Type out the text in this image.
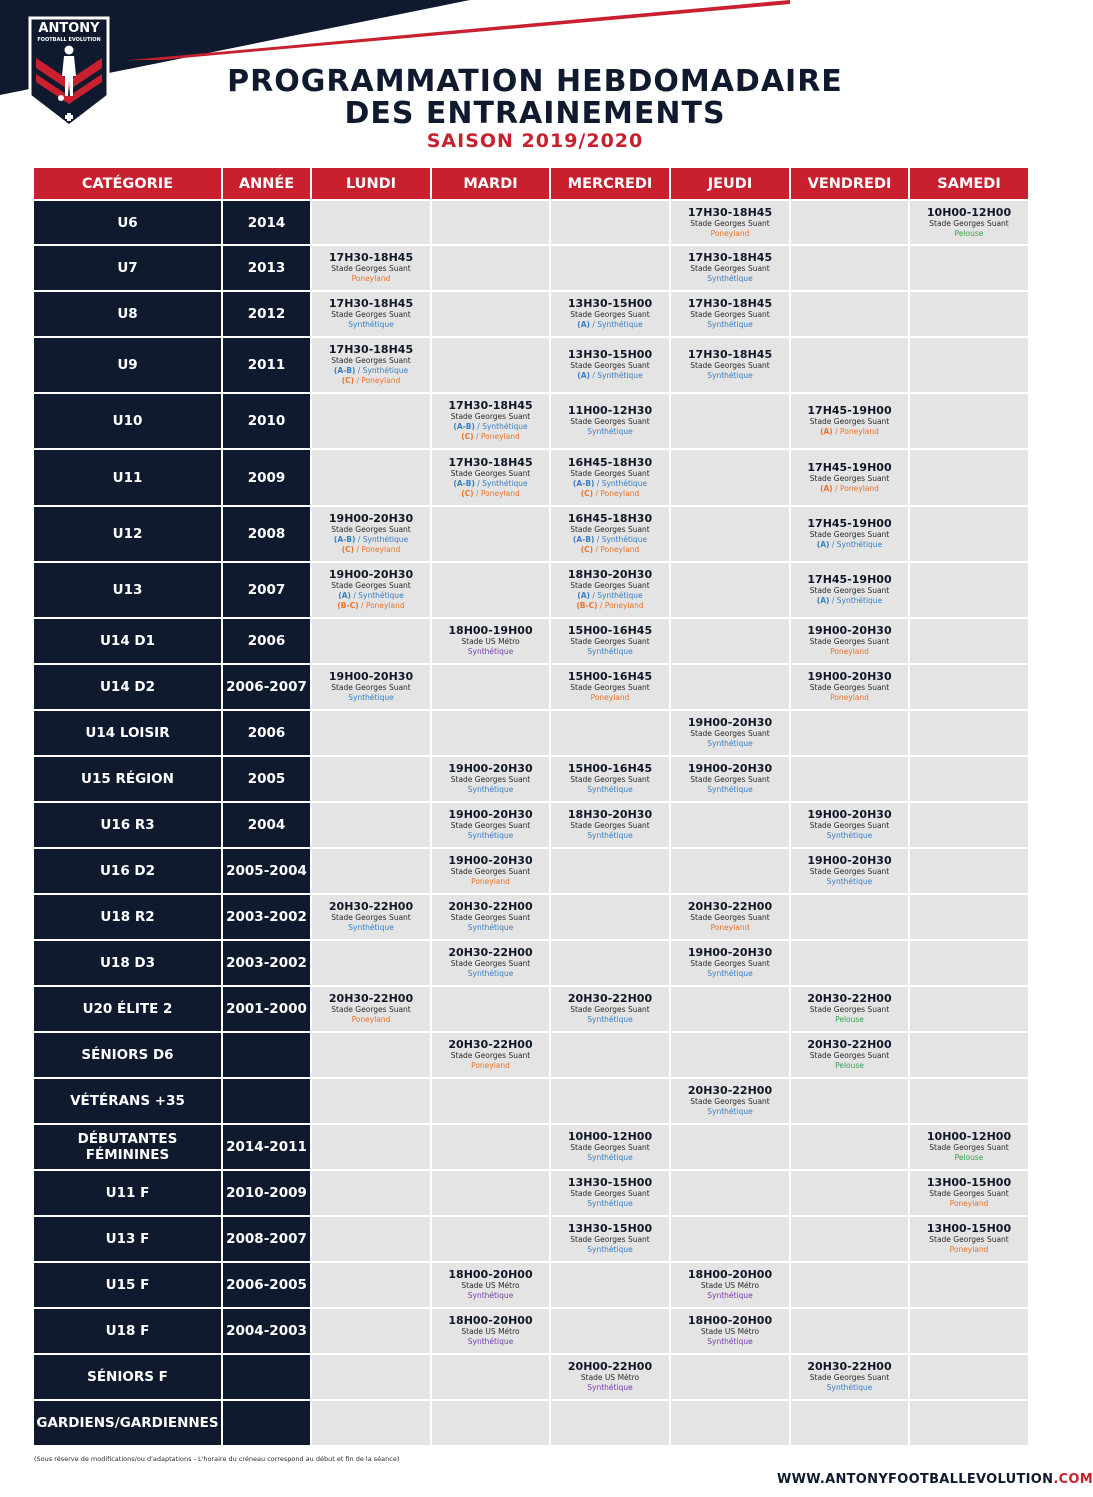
ANTONY
FOOTBALL EVOLUTION
PROGRAMMATION HEBDOMADAIRE
DES ENTRAINEMENTS
SAISON 2019/2020
CATÉGORIE	ANNÉE	LUNDI	MARDI	MERCREDI	JEUDI	VENDREDI	SAMEDI
U6	2014				17H30-18H45
Stade Georges Suant
Poneyland		10H00-12H00
Stade Georges Suant
Pelouse

U7	2013	17H30-18H45
Stade Georges Suant
Poneyland			17H30-18H45
Stade Georges Suant
Synthétique		

U8	2012	17H30-18H45
Stade Georges Suant
Synthétique		13H30-15H00
Stade Georges Suant
(A) / Synthétique	17H30-18H45
Stade Georges Suant
Synthétique		

U9	2011	17H30-18H45
Stade Georges Suant
(A-B) / Synthétique
(C) / Poneyland		13H30-15H00
Stade Georges Suant
(A) / Synthétique	17H30-18H45
Stade Georges Suant
Synthétique		

U10	2010		17H30-18H45
Stade Georges Suant
(A-B) / Synthétique
(C) / Poneyland	11H00-12H30
Stade Georges Suant
Synthétique		17H45-19H00
Stade Georges Suant
(A) / Poneyland	

U11	2009		17H30-18H45
Stade Georges Suant
(A-B) / Synthétique
(C) / Poneyland	16H45-18H30
Stade Georges Suant
(A-B) / Synthétique
(C) / Poneyland		17H45-19H00
Stade Georges Suant
(A) / Poneyland	

U12	2008	19H00-20H30
Stade Georges Suant
(A-B) / Synthétique
(C) / Poneyland		16H45-18H30
Stade Georges Suant
(A-B) / Synthétique
(C) / Poneyland		17H45-19H00
Stade Georges Suant
(A) / Synthétique	

U13	2007	19H00-20H30
Stade Georges Suant
(A) / Synthétique
(B-C) / Poneyland		18H30-20H30
Stade Georges Suant
(A) / Synthétique
(B-C) / Poneyland		17H45-19H00
Stade Georges Suant
(A) / Synthétique	

U14 D1	2006		18H00-19H00
Stade US Métro
Synthétique	15H00-16H45
Stade Georges Suant
Synthétique		19H00-20H30
Stade Georges Suant
Poneyland	

U14 D2	2006-2007	19H00-20H30
Stade Georges Suant
Synthétique		15H00-16H45
Stade Georges Suant
Poneyland		19H00-20H30
Stade Georges Suant
Poneyland	

U14 LOISIR	2006				19H00-20H30
Stade Georges Suant
Synthétique		

U15 RÉGION	2005		19H00-20H30
Stade Georges Suant
Synthétique	15H00-16H45
Stade Georges Suant
Synthétique	19H00-20H30
Stade Georges Suant
Synthétique		

U16 R3	2004		19H00-20H30
Stade Georges Suant
Synthétique	18H30-20H30
Stade Georges Suant
Synthétique		19H00-20H30
Stade Georges Suant
Synthétique	

U16 D2	2005-2004		19H00-20H30
Stade Georges Suant
Poneyland			19H00-20H30
Stade Georges Suant
Synthétique	

U18 R2	2003-2002	20H30-22H00
Stade Georges Suant
Synthétique	20H30-22H00
Stade Georges Suant
Synthétique		20H30-22H00
Stade Georges Suant
Poneyland		

U18 D3	2003-2002		20H30-22H00
Stade Georges Suant
Synthétique		19H00-20H30
Stade Georges Suant
Synthétique		

U20 ÉLITE 2	2001-2000	20H30-22H00
Stade Georges Suant
Poneyland		20H30-22H00
Stade Georges Suant
Synthétique		20H30-22H00
Stade Georges Suant
Pelouse	

SÉNIORS D6			20H30-22H00
Stade Georges Suant
Poneyland			20H30-22H00
Stade Georges Suant
Pelouse	

VÉTÉRANS +35					20H30-22H00
Stade Georges Suant
Synthétique		

DÉBUTANTES FÉMININES	2014-2011			10H00-12H00
Stade Georges Suant
Synthétique			10H00-12H00
Stade Georges Suant
Pelouse

U11 F	2010-2009			13H30-15H00
Stade Georges Suant
Synthétique			13H00-15H00
Stade Georges Suant
Poneyland

U13 F	2008-2007			13H30-15H00
Stade Georges Suant
Synthétique			13H00-15H00
Stade Georges Suant
Poneyland

U15 F	2006-2005		18H00-20H00
Stade US Métro
Synthétique		18H00-20H00
Stade US Métro
Synthétique		

U18 F	2004-2003		18H00-20H00
Stade US Métro
Synthétique		18H00-20H00
Stade US Métro
Synthétique		

SÉNIORS F				20H00-22H00
Stade US Métro
Synthétique		20H30-22H00
Stade Georges Suant
Synthétique	

GARDIENS/GARDIENNES							
(Sous réserve de modifications/ou d'adaptations - L'horaire du créneau correspond au début et fin de la séance)
WWW.ANTONYFOOTBALLEVOLUTION.COM
